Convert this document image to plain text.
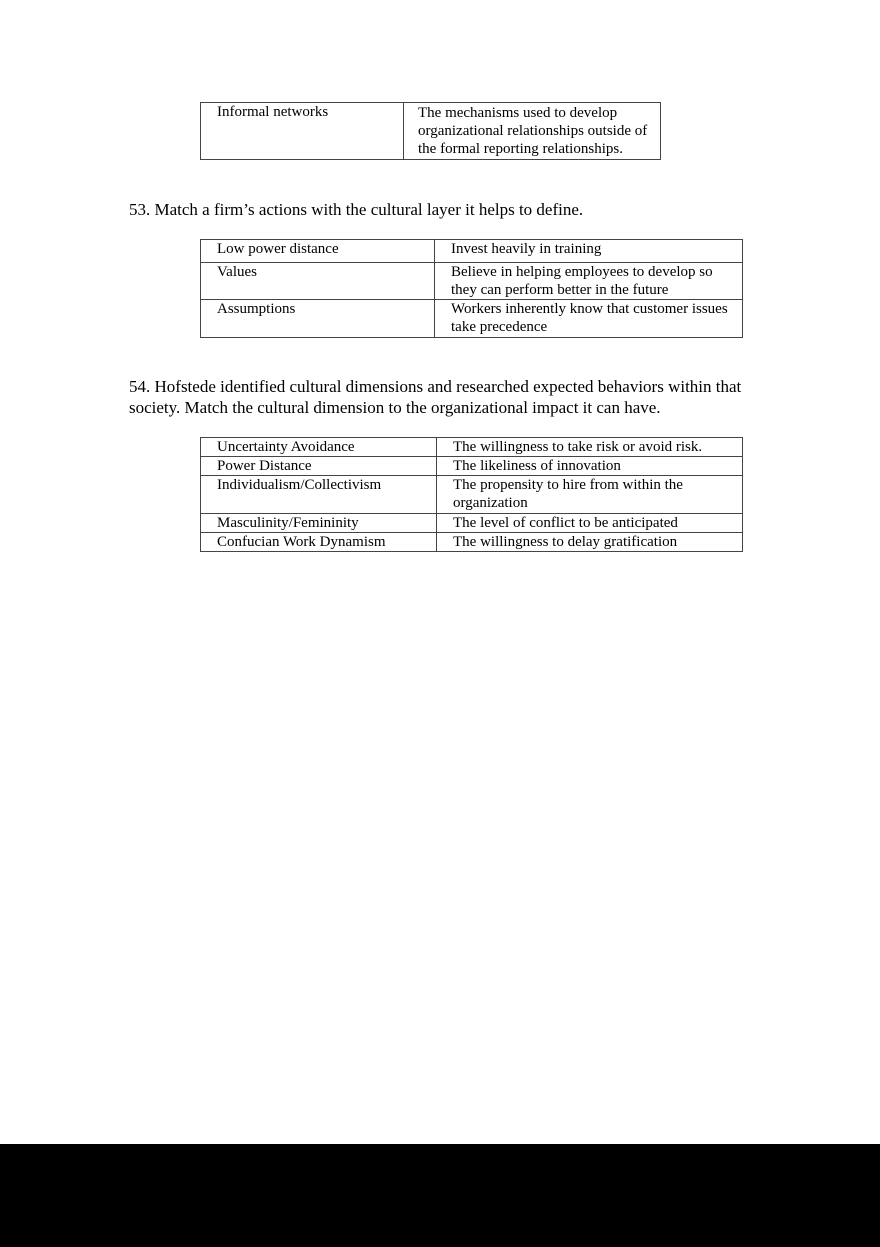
Informal networks	The mechanisms used to develop organizational relationships outside of the formal reporting relationships.
53. Match a firm’s actions with the cultural layer it helps to define.
Low power distance	Invest heavily in training
Values	Believe in helping employees to develop so they can perform better in the future
Assumptions	Workers inherently know that customer issues take precedence
54. Hofstede identified cultural dimensions and researched expected behaviors within that society. Match the cultural dimension to the organizational impact it can have.
Uncertainty Avoidance	The willingness to take risk or avoid risk.
Power Distance	The likeliness of innovation
Individualism/Collectivism	The propensity to hire from within the organization
Masculinity/Femininity	The level of conflict to be anticipated
Confucian Work Dynamism	The willingness to delay gratification
